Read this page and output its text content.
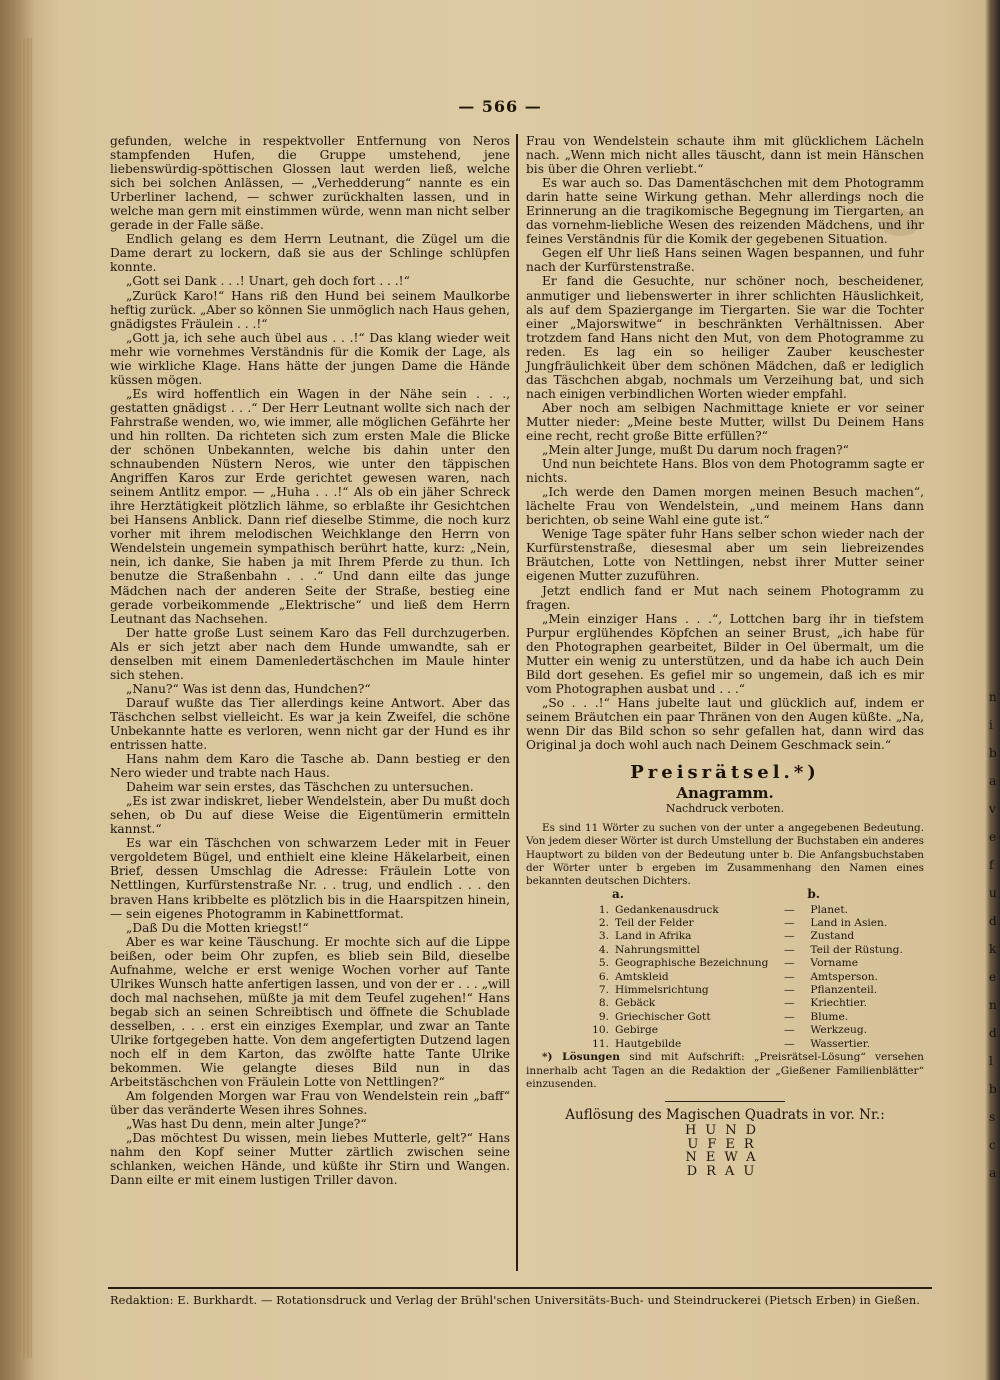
— 566 —

gefunden, welche in respektvoller Entfernung von Neros stampfenden Hufen, die Gruppe umstehend, jene liebenswürdig-spöttischen Glossen laut werden ließ, welche sich bei solchen Anlässen, — „Verhedderung“ nannte es ein Urberliner lachend, — schwer zurückhalten lassen, und in welche man gern mit einstimmen würde, wenn man nicht selber gerade in der Falle säße.

Endlich gelang es dem Herrn Leutnant, die Zügel um die Dame derart zu lockern, daß sie aus der Schlinge schlüpfen konnte.

„Gott sei Dank . . .! Unart, geh doch fort . . .!“

„Zurück Karo!“ Hans riß den Hund bei seinem Maulkorbe heftig zurück. „Aber so können Sie unmöglich nach Haus gehen, gnädigstes Fräulein . . .!“

„Gott ja, ich sehe auch übel aus . . .!“ Das klang wieder weit mehr wie vornehmes Verständnis für die Komik der Lage, als wie wirkliche Klage. Hans hätte der jungen Dame die Hände küssen mögen.

„Es wird hoffentlich ein Wagen in der Nähe sein . . ., gestatten gnädigst . . .“ Der Herr Leutnant wollte sich nach der Fahrstraße wenden, wo, wie immer, alle möglichen Gefährte her und hin rollten. Da richteten sich zum ersten Male die Blicke der schönen Unbekannten, welche bis dahin unter den schnaubenden Nüstern Neros, wie unter den täppischen Angriffen Karos zur Erde gerichtet gewesen waren, nach seinem Antlitz empor. — „Huha . . .!“ Als ob ein jäher Schreck ihre Herztätigkeit plötzlich lähme, so erblaßte ihr Gesichtchen bei Hansens Anblick. Dann rief dieselbe Stimme, die noch kurz vorher mit ihrem melodischen Weichklange den Herrn von Wendelstein ungemein sympathisch berührt hatte, kurz: „Nein, nein, ich danke, Sie haben ja mit Ihrem Pferde zu thun. Ich benutze die Straßenbahn . . .“ Und dann eilte das junge Mädchen nach der anderen Seite der Straße, bestieg eine gerade vorbeikommende „Elektrische“ und ließ dem Herrn Leutnant das Nachsehen.

Der hatte große Lust seinem Karo das Fell durchzugerben. Als er sich jetzt aber nach dem Hunde umwandte, sah er denselben mit einem Damenledertäschchen im Maule hinter sich stehen.

„Nanu?“ Was ist denn das, Hundchen?“

Darauf wußte das Tier allerdings keine Antwort. Aber das Täschchen selbst vielleicht. Es war ja kein Zweifel, die schöne Unbekannte hatte es verloren, wenn nicht gar der Hund es ihr entrissen hatte.

Hans nahm dem Karo die Tasche ab. Dann bestieg er den Nero wieder und trabte nach Haus.

Daheim war sein erstes, das Täschchen zu untersuchen.

„Es ist zwar indiskret, lieber Wendelstein, aber Du mußt doch sehen, ob Du auf diese Weise die Eigentümerin ermitteln kannst.“

Es war ein Täschchen von schwarzem Leder mit in Feuer vergoldetem Bügel, und enthielt eine kleine Häkelarbeit, einen Brief, dessen Umschlag die Adresse: Fräulein Lotte von Nettlingen, Kurfürstenstraße Nr. . . trug, und endlich . . . den braven Hans kribbelte es plötzlich bis in die Haarspitzen hinein, — sein eigenes Photogramm in Kabinettformat.

„Daß Du die Motten kriegst!“

Aber es war keine Täuschung. Er mochte sich auf die Lippe beißen, oder beim Ohr zupfen, es blieb sein Bild, dieselbe Aufnahme, welche er erst wenige Wochen vorher auf Tante Ulrikes Wunsch hatte anfertigen lassen, und von der er . . . „will doch mal nachsehen, müßte ja mit dem Teufel zugehen!“ Hans begab sich an seinen Schreibtisch und öffnete die Schublade desselben, . . . erst ein einziges Exemplar, und zwar an Tante Ulrike fortgegeben hatte. Von dem angefertigten Dutzend lagen noch elf in dem Karton, das zwölfte hatte Tante Ulrike bekommen. Wie gelangte dieses Bild nun in das Arbeitstäschchen von Fräulein Lotte von Nettlingen?“

Am folgenden Morgen war Frau von Wendelstein rein „baff“ über das veränderte Wesen ihres Sohnes.

„Was hast Du denn, mein alter Junge?“

„Das möchtest Du wissen, mein liebes Mutterle, gelt?“ Hans nahm den Kopf seiner Mutter zärtlich zwischen seine schlanken, weichen Hände, und küßte ihr Stirn und Wangen. Dann eilte er mit einem lustigen Triller davon.

Frau von Wendelstein schaute ihm mit glücklichem Lächeln nach. „Wenn mich nicht alles täuscht, dann ist mein Hänschen bis über die Ohren verliebt.“

Es war auch so. Das Damentäschchen mit dem Photogramm darin hatte seine Wirkung gethan. Mehr allerdings noch die Erinnerung an die tragikomische Begegnung im Tiergarten, an das vornehm-liebliche Wesen des reizenden Mädchens, und ihr feines Verständnis für die Komik der gegebenen Situation.

Gegen elf Uhr ließ Hans seinen Wagen bespannen, und fuhr nach der Kurfürstenstraße.

Er fand die Gesuchte, nur schöner noch, bescheidener, anmutiger und liebenswerter in ihrer schlichten Häuslichkeit, als auf dem Spaziergange im Tiergarten. Sie war die Tochter einer „Majorswitwe“ in beschränkten Verhältnissen. Aber trotzdem fand Hans nicht den Mut, von dem Photogramme zu reden. Es lag ein so heiliger Zauber keuschester Jungfräulichkeit über dem schönen Mädchen, daß er lediglich das Täschchen abgab, nochmals um Verzeihung bat, und sich nach einigen verbindlichen Worten wieder empfahl.

Aber noch am selbigen Nachmittage kniete er vor seiner Mutter nieder: „Meine beste Mutter, willst Du Deinem Hans eine recht, recht große Bitte erfüllen?“

„Mein alter Junge, mußt Du darum noch fragen?“

Und nun beichtete Hans. Blos von dem Photogramm sagte er nichts.

„Ich werde den Damen morgen meinen Besuch machen“, lächelte Frau von Wendelstein, „und meinem Hans dann berichten, ob seine Wahl eine gute ist.“

Wenige Tage später fuhr Hans selber schon wieder nach der Kurfürstenstraße, diesesmal aber um sein liebreizendes Bräutchen, Lotte von Nettlingen, nebst ihrer Mutter seiner eigenen Mutter zuzuführen.

Jetzt endlich fand er Mut nach seinem Photogramm zu fragen.

„Mein einziger Hans . . .“, Lottchen barg ihr in tiefstem Purpur erglühendes Köpfchen an seiner Brust, „ich habe für den Photographen gearbeitet, Bilder in Oel übermalt, um die Mutter ein wenig zu unterstützen, und da habe ich auch Dein Bild dort gesehen. Es gefiel mir so ungemein, daß ich es mir vom Photographen ausbat und . . .“

„So . . .!“ Hans jubelte laut und glücklich auf, indem er seinem Bräutchen ein paar Thränen von den Augen küßte. „Na, wenn Dir das Bild schon so sehr gefallen hat, dann wird das Original ja doch wohl auch nach Deinem Geschmack sein.“

Preisrätsel.*)
Anagramm.
Nachdruck verboten.

Es sind 11 Wörter zu suchen von der unter a angegebenen Bedeutung. Von jedem dieser Wörter ist durch Umstellung der Buchstaben ein anderes Hauptwort zu bilden von der Bedeutung unter b. Die Anfangsbuchstaben der Wörter unter b ergeben im Zusammenhang den Namen eines bekannten deutschen Dichters.

	a.		b.
1.	Gedankenausdruck	—	Planet.
2.	Teil der Felder	—	Land in Asien.
3.	Land in Afrika	—	Zustand
4.	Nahrungsmittel	—	Teil der Rüstung.
5.	Geographische Bezeichnung	—	Vorname
6.	Amtskleid	—	Amtsperson.
7.	Himmelsrichtung	—	Pflanzenteil.
8.	Gebäck	—	Kriechtier.
9.	Griechischer Gott	—	Blume.
10.	Gebirge	—	Werkzeug.
11.	Hautgebilde	—	Wassertier.

*) Lösungen sind mit Aufschrift: „Preisrätsel-Lösung“ versehen innerhalb acht Tagen an die Redaktion der „Gießener Familienblätter“ einzusenden.

Auflösung des Magischen Quadrats in vor. Nr.:
HUND
UFER
NEWA
DRAU
Redaktion: E. Burkhardt. — Rotationsdruck und Verlag der Brühl'schen Universitäts-Buch- und Steindruckerei (Pietsch Erben) in Gießen.
n
i
b
a
v
e
f
u
d
k
e
n
d
l
b
s
c
a
